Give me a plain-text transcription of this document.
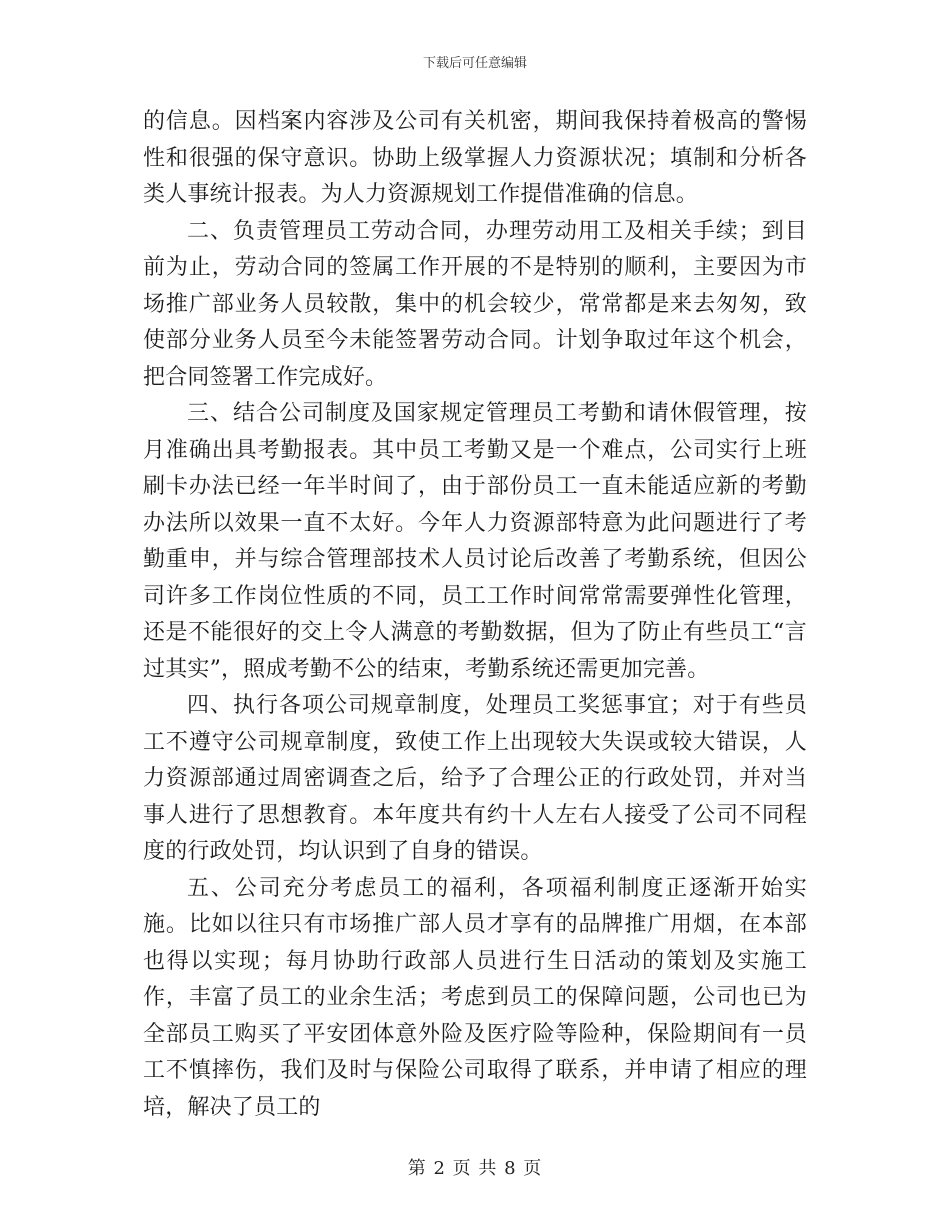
下载后可任意编辑

的信息。因档案内容涉及公司有关机密，期间我保持着极高的警惕性和很强的保守意识。协助上级掌握人力资源状况；填制和分析各类人事统计报表。为人力资源规划工作提借准确的信息。

二、负责管理员工劳动合同，办理劳动用工及相关手续；到目前为止，劳动合同的签属工作开展的不是特别的顺利，主要因为市场推广部业务人员较散，集中的机会较少，常常都是来去匆匆，致使部分业务人员至今未能签署劳动合同。计划争取过年这个机会，把合同签署工作完成好。

三、结合公司制度及国家规定管理员工考勤和请休假管理，按月准确出具考勤报表。其中员工考勤又是一个难点，公司实行上班刷卡办法已经一年半时间了，由于部份员工一直未能适应新的考勤办法所以效果一直不太好。今年人力资源部特意为此问题进行了考勤重申，并与综合管理部技术人员讨论后改善了考勤系统，但因公司许多工作岗位性质的不同，员工工作时间常常需要弹性化管理，还是不能很好的交上令人满意的考勤数据，但为了防止有些员工“言过其实”，照成考勤不公的结束，考勤系统还需更加完善。

四、执行各项公司规章制度，处理员工奖惩事宜；对于有些员工不遵守公司规章制度，致使工作上出现较大失误或较大错误，人力资源部通过周密调查之后，给予了合理公正的行政处罚，并对当事人进行了思想教育。本年度共有约十人左右人接受了公司不同程度的行政处罚，均认识到了自身的错误。

五、公司充分考虑员工的福利，各项福利制度正逐渐开始实施。比如以往只有市场推广部人员才享有的品牌推广用烟，在本部也得以实现；每月协助行政部人员进行生日活动的策划及实施工作，丰富了员工的业余生活；考虑到员工的保障问题，公司也已为全部员工购买了平安团体意外险及医疗险等险种，保险期间有一员工不慎摔伤，我们及时与保险公司取得了联系，并申请了相应的理培，解决了员工的

第 2 页 共 8 页
